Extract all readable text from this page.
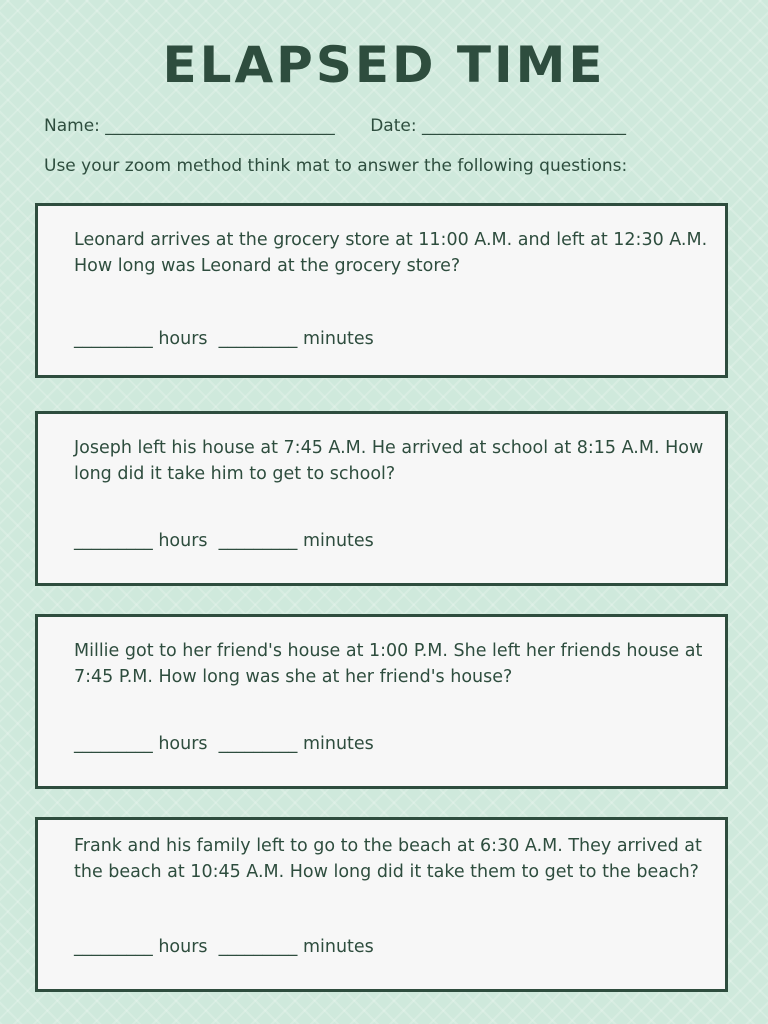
ELAPSED TIME
Name: ___________________________ Date: ________________________
Use your zoom method think mat to answer the following questions:
Leonard arrives at the grocery store at 11:00 A.M. and left at 12:30 A.M. How long was Leonard at the grocery store?
_________ hours  _________ minutes
Joseph left his house at 7:45 A.M. He arrived at school at 8:15 A.M. How long did it take him to get to school?
_________ hours  _________ minutes
Millie got to her friend's house at 1:00 P.M. She left her friends house at 7:45 P.M. How long was she at her friend's house?
_________ hours  _________ minutes
Frank and his family left to go to the beach at 6:30 A.M. They arrived at the beach at 10:45 A.M. How long did it take them to get to the beach?
_________ hours  _________ minutes
